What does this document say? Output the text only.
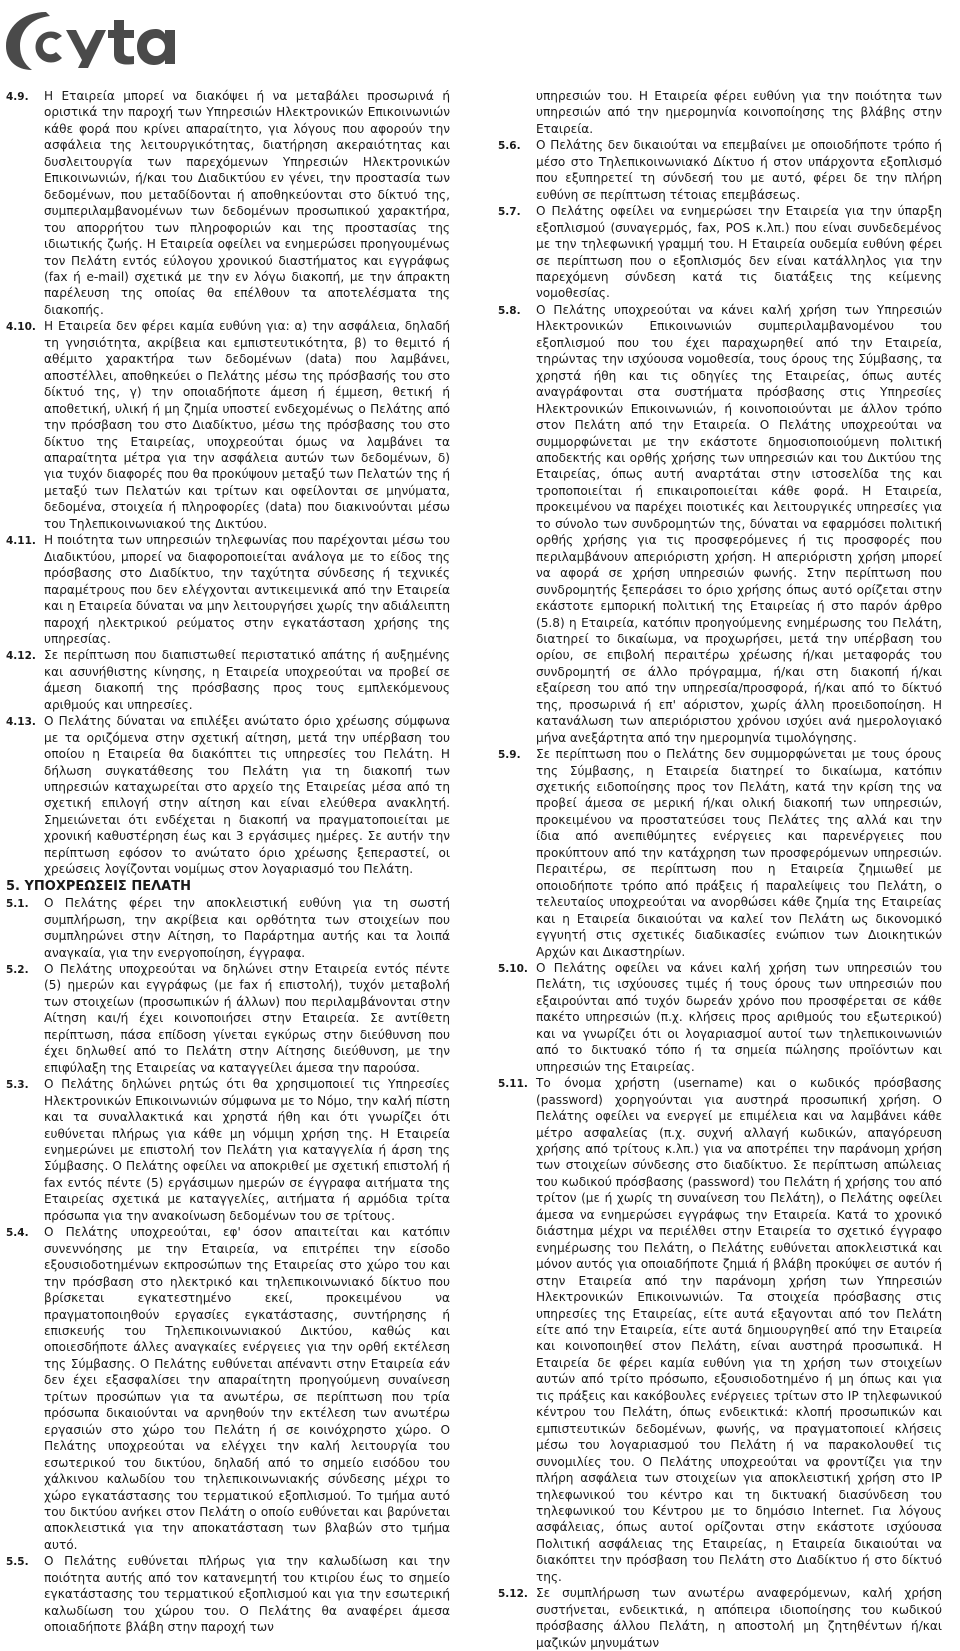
4.9.	Η Εταιρεία μπορεί να διακόψει ή να μεταβάλει προσωρινά ή οριστικά την παροχή των Υπηρεσιών Ηλεκτρονικών Επικοινωνιών κάθε φορά που κρίνει απαραίτητο, για λόγους που αφορούν την ασφάλεια της λειτουργικότητας, διατήρηση ακεραιότητας και δυσλειτουργία των παρεχόμενων Υπηρεσιών Ηλεκτρονικών Επικοινωνιών, ή/και του Διαδικτύου εν γένει, την προστασία των δεδομένων, που μεταδίδονται ή αποθηκεύονται στο δίκτυό της, συμπεριλαμβανομένων των δεδομένων προσωπικού χαρακτήρα, του απορρήτου των πληροφοριών και της προστασίας της ιδιωτικής ζωής. Η Εταιρεία οφείλει να ενημερώσει προηγουμένως τον Πελάτη εντός εύλογου χρονικού διαστήματος και εγγράφως (fax ή e-mail) σχετικά με την εν λόγω διακοπή, με την άπρακτη παρέλευση της οποίας θα επέλθουν τα αποτελέσματα της διακοπής.
4.10. Η Εταιρεία δεν φέρει καμία ευθύνη για: α) την ασφάλεια, δηλαδή τη γνησιότητα, ακρίβεια και εμπιστευτικότητα, β) το θεμιτό ή αθέμιτο χαρακτήρα των δεδομένων (data) που λαμβάνει, αποστέλλει, αποθηκεύει ο Πελάτης μέσω της πρόσβασής του στο δίκτυό της, γ) την οποιαδήποτε άμεση ή έμμεση, θετική ή αποθετική, υλική ή μη ζημία υποστεί ενδεχομένως ο Πελάτης από την πρόσβαση του στο Διαδίκτυο, μέσω της πρόσβασης του στο δίκτυο της Εταιρείας, υποχρεούται όμως να λαμβάνει τα απαραίτητα μέτρα για την ασφάλεια αυτών των δεδομένων, δ) για τυχόν διαφορές που θα προκύψουν μεταξύ των Πελατών της ή μεταξύ των Πελατών και τρίτων και οφείλονται σε μηνύματα, δεδομένα, στοιχεία ή πληροφορίες (data) που διακινούνται μέσω του Τηλεπικοινωνιακού της Δικτύου.
4.11. Η ποιότητα των υπηρεσιών τηλεφωνίας που παρέχονται μέσω του Διαδικτύου, μπορεί να διαφοροποιείται ανάλογα με το είδος της πρόσβασης στο Διαδίκτυο, την ταχύτητα σύνδεσης ή τεχνικές παραμέτρους που δεν ελέγχονται αντικειμενικά από την Εταιρεία και η Εταιρεία δύναται να μην λειτουργήσει χωρίς την αδιάλειπτη παροχή ηλεκτρικού ρεύματος στην εγκατάσταση χρήσης της υπηρεσίας.
4.12. Σε περίπτωση που διαπιστωθεί περιστατικό απάτης ή αυξημένης και ασυνήθιστης κίνησης, η Εταιρεία υποχρεούται να προβεί σε άμεση διακοπή της πρόσβασης προς τους εμπλεκόμενους αριθμούς και υπηρεσίες.
4.13. Ο Πελάτης δύναται να επιλέξει ανώτατο όριο χρέωσης σύμφωνα με τα οριζόμενα στην σχετική αίτηση, μετά την υπέρβαση του οποίου η Εταιρεία θα διακόπτει τις υπηρεσίες του Πελάτη. Η δήλωση συγκατάθεσης του Πελάτη για τη διακοπή των υπηρεσιών καταχωρείται στο αρχείο της Εταιρείας μέσα από τη σχετική επιλογή στην αίτηση και είναι ελεύθερα ανακλητή. Σημειώνεται ότι ενδέχεται η διακοπή να πραγματοποιείται με χρονική καθυστέρηση έως και 3 εργάσιμες ημέρες. Σε αυτήν την περίπτωση εφόσον το ανώτατο όριο χρέωσης ξεπεραστεί, οι χρεώσεις λογίζονται νομίμως στον λογαριασμό του Πελάτη.
5. ΥΠΟΧΡΕΩΣΕΙΣ ΠΕΛΑΤΗ
5.1.	Ο Πελάτης φέρει την αποκλειστική ευθύνη για τη σωστή συμπλήρωση, την ακρίβεια και ορθότητα των στοιχείων που συμπληρώνει στην Αίτηση, το Παράρτημα αυτής και τα λοιπά αναγκαία, για την ενεργοποίηση, έγγραφα.
5.2.	Ο Πελάτης υποχρεούται να δηλώνει στην Εταιρεία εντός πέντε (5) ημερών και εγγράφως (με fax ή επιστολή), τυχόν μεταβολή των στοιχείων (προσωπικών ή άλλων) που περιλαμβάνονται στην Αίτηση και/ή έχει κοινοποιήσει στην Εταιρεία. Σε αντίθετη περίπτωση, πάσα επίδοση γίνεται εγκύρως στην διεύθυνση που έχει δηλωθεί από το Πελάτη στην Αίτησης διεύθυνση, με την επιφύλαξη της Εταιρείας να καταγγείλει άμεσα την παρούσα.
5.3.	Ο Πελάτης δηλώνει ρητώς ότι θα χρησιμοποιεί τις Υπηρεσίες Ηλεκτρονικών Επικοινωνιών σύμφωνα με το Νόμο, την καλή πίστη και τα συναλλακτικά και χρηστά ήθη και ότι γνωρίζει ότι ευθύνεται πλήρως για κάθε μη νόμιμη χρήση της. Η Εταιρεία ενημερώνει με επιστολή τον Πελάτη για καταγγελία ή άρση της Σύμβασης. Ο Πελάτης οφείλει να αποκριθεί με σχετική επιστολή ή fax εντός πέντε (5) εργάσιμων ημερών σε έγγραφα αιτήματα της Εταιρείας σχετικά με καταγγελίες, αιτήματα ή αρμόδια τρίτα πρόσωπα για την ανακοίνωση δεδομένων του σε τρίτους.
5.4.	Ο Πελάτης υποχρεούται, εφ' όσον απαιτείται και κατόπιν συνεννόησης με την Εταιρεία, να επιτρέπει την είσοδο εξουσιοδοτημένων εκπροσώπων της Εταιρείας στο χώρο του και την πρόσβαση στο ηλεκτρικό και τηλεπικοινωνιακό δίκτυο που βρίσκεται εγκατεστημένο εκεί, προκειμένου να πραγματοποιηθούν εργασίες εγκατάστασης, συντήρησης ή επισκευής του Τηλεπικοινωνιακού Δικτύου, καθώς και οποιεσδήποτε άλλες αναγκαίες ενέργειες για την ορθή εκτέλεση της Σύμβασης. Ο Πελάτης ευθύνεται απέναντι στην Εταιρεία εάν δεν έχει εξασφαλίσει την απαραίτητη προηγούμενη συναίνεση τρίτων προσώπων για τα ανωτέρω, σε περίπτωση που τρία πρόσωπα δικαιούνται να αρνηθούν την εκτέλεση των ανωτέρω εργασιών στο χώρο του Πελάτη ή σε κοινόχρηστο χώρο. Ο Πελάτης υποχρεούται να ελέγχει την καλή λειτουργία του εσωτερικού του δικτύου, δηλαδή από το σημείο εισόδου του χάλκινου καλωδίου του τηλεπικοινωνιακής σύνδεσης μέχρι το χώρο εγκατάστασης του τερματικού εξοπλισμού. Το τμήμα αυτό του δικτύου ανήκει στον Πελάτη ο οποίο ευθύνεται και βαρύνεται αποκλειστικά για την αποκατάσταση των βλαβών στο τμήμα αυτό.
5.5.	Ο Πελάτης ευθύνεται πλήρως για την καλωδίωση και την ποιότητα αυτής από τον κατανεμητή του κτιρίου έως το σημείο εγκατάστασης του τερματικού εξοπλισμού και για την εσωτερική καλωδίωση του χώρου του. Ο Πελάτης θα αναφέρει άμεσα οποιαδήποτε βλάβη στην παροχή των
υπηρεσιών του. Η Εταιρεία φέρει ευθύνη για την ποιότητα των υπηρεσιών από την ημερομηνία κοινοποίησης της βλάβης στην Εταιρεία.
5.6.	Ο Πελάτης δεν δικαιούται να επεμβαίνει με οποιοδήποτε τρόπο ή μέσο στο Τηλεπικοινωνιακό Δίκτυο ή στον υπάρχοντα εξοπλισμό που εξυπηρετεί τη σύνδεσή του με αυτό, φέρει δε την πλήρη ευθύνη σε περίπτωση τέτοιας επεμβάσεως.
5.7.	Ο Πελάτης οφείλει να ενημερώσει την Εταιρεία για την ύπαρξη εξοπλισμού (συναγερμός, fax, POS κ.λπ.) που είναι συνδεδεμένος με την τηλεφωνική γραμμή του. Η Εταιρεία ουδεμία ευθύνη φέρει σε περίπτωση που ο εξοπλισμός δεν είναι κατάλληλος για την παρεχόμενη σύνδεση κατά τις διατάξεις της κείμενης νομοθεσίας.
5.8.	Ο Πελάτης υποχρεούται να κάνει καλή χρήση των Υπηρεσιών Ηλεκτρονικών Επικοινωνιών συμπεριλαμβανομένου του εξοπλισμού που του έχει παραχωρηθεί από την Εταιρεία, τηρώντας την ισχύουσα νομοθεσία, τους όρους της Σύμβασης, τα χρηστά ήθη και τις οδηγίες της Εταιρείας, όπως αυτές αναγράφονται στα συστήματα πρόσβασης στις Υπηρεσίες Ηλεκτρονικών Επικοινωνιών, ή κοινοποιούνται με άλλον τρόπο στον Πελάτη από την Εταιρεία. Ο Πελάτης υποχρεούται να συμμορφώνεται με την εκάστοτε δημοσιοποιούμενη πολιτική αποδεκτής και ορθής χρήσης των υπηρεσιών και του Δικτύου της Εταιρείας, όπως αυτή αναρτάται στην ιστοσελίδα της και τροποποιείται ή επικαιροποιείται κάθε φορά. Η Εταιρεία, προκειμένου να παρέχει ποιοτικές και λειτουργικές υπηρεσίες για το σύνολο των συνδρομητών της, δύναται να εφαρμόσει πολιτική ορθής χρήσης για τις προσφερόμενες ή τις προσφορές που περιλαμβάνουν απεριόριστη χρήση. Η απεριόριστη χρήση μπορεί να αφορά σε χρήση υπηρεσιών φωνής. Στην περίπτωση που συνδρομητής ξεπεράσει το όριο χρήσης όπως αυτό ορίζεται στην εκάστοτε εμπορική πολιτική της Εταιρείας ή στο παρόν άρθρο (5.8) η Εταιρεία, κατόπιν προηγούμενης ενημέρωσης του Πελάτη, διατηρεί το δικαίωμα, να προχωρήσει, μετά την υπέρβαση του ορίου, σε επιβολή περαιτέρω χρέωσης ή/και μεταφοράς του συνδρομητή σε άλλο πρόγραμμα, ή/και στη διακοπή ή/και εξαίρεση του από την υπηρεσία/προσφορά, ή/και από το δίκτυό της, προσωρινά ή επ' αόριστον, χωρίς άλλη προειδοποίηση. Η κατανάλωση των απεριόριστου χρόνου ισχύει ανά ημερολογιακό μήνα ανεξάρτητα από την ημερομηνία τιμολόγησης.
5.9.	Σε περίπτωση που ο Πελάτης δεν συμμορφώνεται με τους όρους της Σύμβασης, η Εταιρεία διατηρεί το δικαίωμα, κατόπιν σχετικής ειδοποίησης προς τον Πελάτη, κατά την κρίση της να προβεί άμεσα σε μερική ή/και ολική διακοπή των υπηρεσιών, προκειμένου να προστατεύσει τους Πελάτες της αλλά και την ίδια από ανεπιθύμητες ενέργειες και παρενέργειες που προκύπτουν από την κατάχρηση των προσφερόμενων υπηρεσιών. Περαιτέρω, σε περίπτωση που η Εταιρεία ζημιωθεί με οποιοδήποτε τρόπο από πράξεις ή παραλείψεις του Πελάτη, ο τελευταίος υποχρεούται να ανορθώσει κάθε ζημία της Εταιρείας και η Εταιρεία δικαιούται να καλεί τον Πελάτη ως δικονομικό εγγυητή στις σχετικές διαδικασίες ενώπιον των Διοικητικών Αρχών και Δικαστηρίων.
5.10. Ο Πελάτης οφείλει να κάνει καλή χρήση των υπηρεσιών του Πελάτη, τις ισχύουσες τιμές ή τους όρους των υπηρεσιών που εξαιρούνται από τυχόν δωρεάν χρόνο που προσφέρεται σε κάθε πακέτο υπηρεσιών (π.χ. κλήσεις προς αριθμούς του εξωτερικού) και να γνωρίζει ότι οι λογαριασμοί αυτοί των τηλεπικοινωνιών από το δικτυακό τόπο ή τα σημεία πώλησης προϊόντων και υπηρεσιών της Εταιρείας.
5.11. Το όνομα χρήστη (username) και ο κωδικός πρόσβασης (password) χορηγούνται για αυστηρά προσωπική χρήση. Ο Πελάτης οφείλει να ενεργεί με επιμέλεια και να λαμβάνει κάθε μέτρο ασφαλείας (π.χ. συχνή αλλαγή κωδικών, απαγόρευση χρήσης από τρίτους κ.λπ.) για να αποτρέπει την παράνομη χρήση των στοιχείων σύνδεσης στο διαδίκτυο. Σε περίπτωση απώλειας του κωδικού πρόσβασης (password) του Πελάτη ή χρήσης του από τρίτον (με ή χωρίς τη συναίνεση του Πελάτη), ο Πελάτης οφείλει άμεσα να ενημερώσει εγγράφως την Εταιρεία. Κατά το χρονικό διάστημα μέχρι να περιέλθει στην Εταιρεία το σχετικό έγγραφο ενημέρωσης του Πελάτη, ο Πελάτης ευθύνεται αποκλειστικά και μόνον αυτός για οποιαδήποτε ζημιά ή βλάβη προκύψει σε αυτόν ή στην Εταιρεία από την παράνομη χρήση των Υπηρεσιών Ηλεκτρονικών Επικοινωνιών. Τα στοιχεία πρόσβασης στις υπηρεσίες της Εταιρείας, είτε αυτά εξαγονται από τον Πελάτη είτε από την Εταιρεία, είτε αυτά δημιουργηθεί από την Εταιρεία και κοινοποιηθεί στον Πελάτη, είναι αυστηρά προσωπικά. Η Εταιρεία δε φέρει καμία ευθύνη για τη χρήση των στοιχείων αυτών από τρίτο πρόσωπο, εξουσιοδοτημένο ή μη όπως και για τις πράξεις και κακόβουλες ενέργειες τρίτων στο IP τηλεφωνικού κέντρου του Πελάτη, όπως ενδεικτικά: κλοπή προσωπικών και εμπιστευτικών δεδομένων, φωνής, να πραγματοποιεί κλήσεις μέσω του λογαριασμού του Πελάτη ή να παρακολουθεί τις συνομιλίες του. Ο Πελάτης υποχρεούται να φροντίζει για την πλήρη ασφάλεια των στοιχείων για αποκλειστική χρήση στο IP τηλεφωνικού του κέντρο και τη δικτυακή διασύνδεση του τηλεφωνικού του Κέντρου με το δημόσιο Internet. Για λόγους ασφάλειας, όπως αυτοί ορίζονται στην εκάστοτε ισχύουσα Πολιτική ασφάλειας της Εταιρείας, η Εταιρεία δικαιούται να διακόπτει την πρόσβαση του Πελάτη στο Διαδίκτυο ή στο δίκτυό της.
5.12. Σε συμπλήρωση των ανωτέρω αναφερόμενων, καλή χρήση συστήνεται, ενδεικτικά, η απόπειρα ιδιοποίησης του κωδικού πρόσβασης άλλου Πελάτη, η αποστολή μη ζητηθέντων ή/και μαζικών μηνυμάτων
